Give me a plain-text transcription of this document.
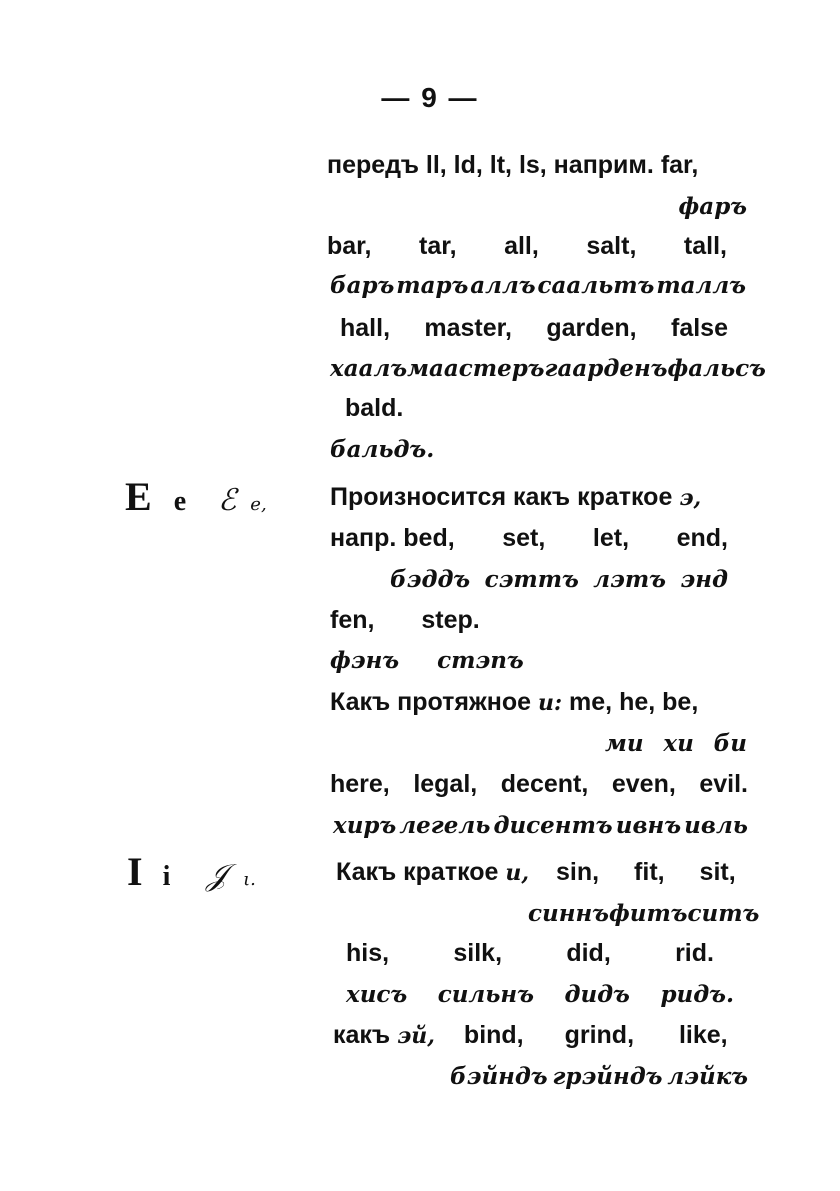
— 9 —
передъ ll, ld, lt, ls, наприм. far,
фаръ
bar, tar, all, salt, tall,
баръ таръ аллъ саальтъ таллъ
hall, master, garden, false
хаалъ маастеръ гаарденъ фальсъ
bald.
бальдъ.
E e ℰ e,	Произносится какъ краткое э,
напр. bed, set, let, end,
бэддъ сэттъ лэтъ энд
fen, step.
фэнъ стэпъ
Какъ протяжное и: me, he, be,
ми хи би
here, legal, decent, even, evil.
хиръ легель дисентъ ивнъ ивль
I i 𝒥 ι.	Какъ краткое и, sin, fit, sit,
синнъ фитъ ситъ
his,	silk,	did,	rid.
хисъ сильнъ дидъ ридъ.
какъ эй, bind, grind, like,
бэйндъ грэйндъ лэйкъ
